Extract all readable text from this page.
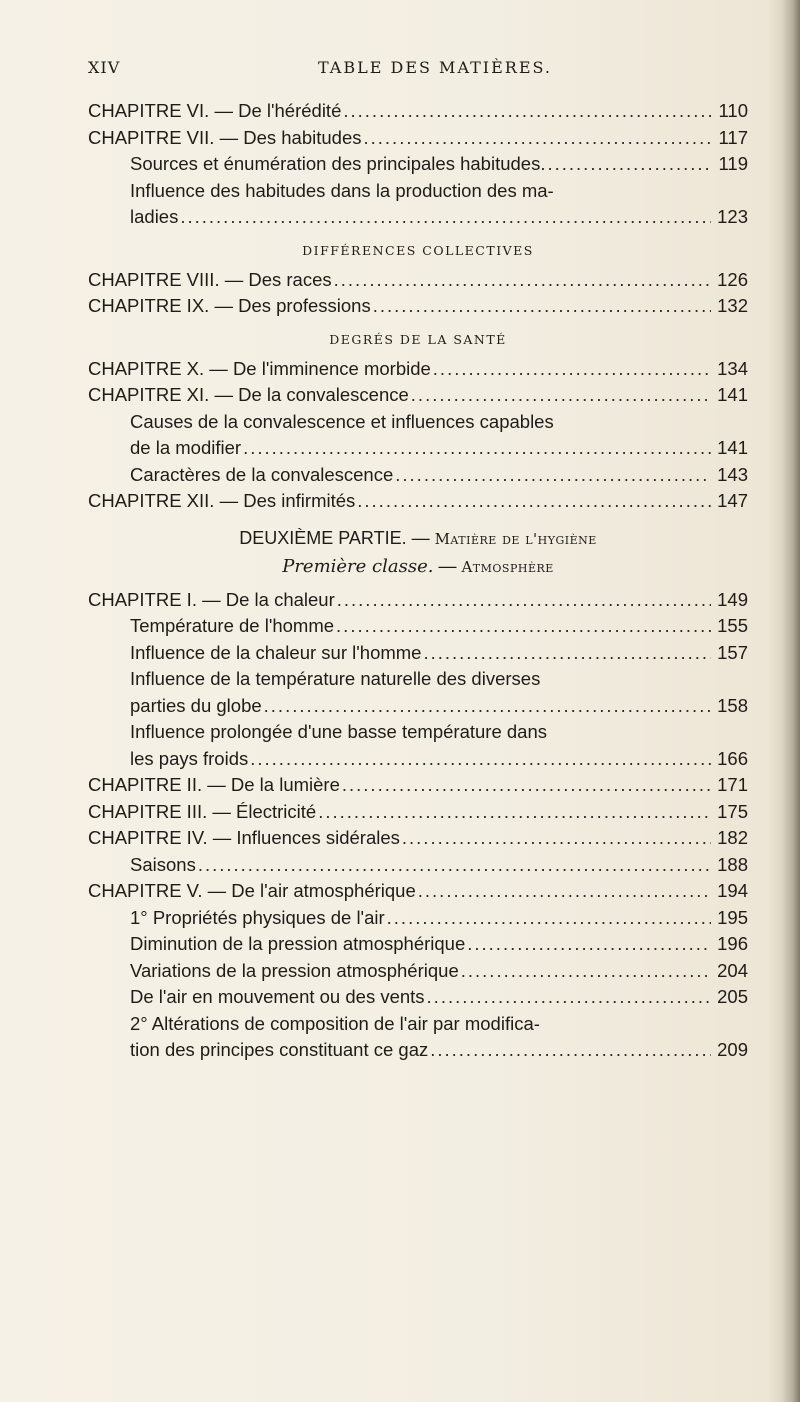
XIV	TABLE DES MATIÈRES.
CHAPITRE VI. — De l'hérédité .....	110
CHAPITRE VII. — Des habitudes .....	117
Sources et énumération des principales habitudes. .....	119
Influence des habitudes dans la production des ma-
ladies .....	123
DIFFÉRENCES COLLECTIVES
CHAPITRE VIII. — Des races .....	126
CHAPITRE IX. — Des professions .....	132
DEGRÉS DE LA SANTÉ
CHAPITRE X. — De l'imminence morbide .....	134
CHAPITRE XI. — De la convalescence .....	141
Causes de la convalescence et influences capables
de la modifier .....	141
Caractères de la convalescence .....	143
CHAPITRE XII. — Des infirmités .....	147
DEUXIÈME PARTIE. — Matière de l'hygiène
Première classe. — Atmosphère
CHAPITRE I. — De la chaleur .....	149
Température de l'homme .....	155
Influence de la chaleur sur l'homme .....	157
Influence de la température naturelle des diverses
parties du globe .....	158
Influence prolongée d'une basse température dans
les pays froids .....	166
CHAPITRE II. — De la lumière .....	171
CHAPITRE III. — Électricité .....	175
CHAPITRE IV. — Influences sidérales .....	182
Saisons .....	188
CHAPITRE V. — De l'air atmosphérique .....	194
1° Propriétés physiques de l'air .....	195
Diminution de la pression atmosphérique .....	196
Variations de la pression atmosphérique .....	204
De l'air en mouvement ou des vents .....	205
2° Altérations de composition de l'air par modifica-
tion des principes constituant ce gaz .....	209
